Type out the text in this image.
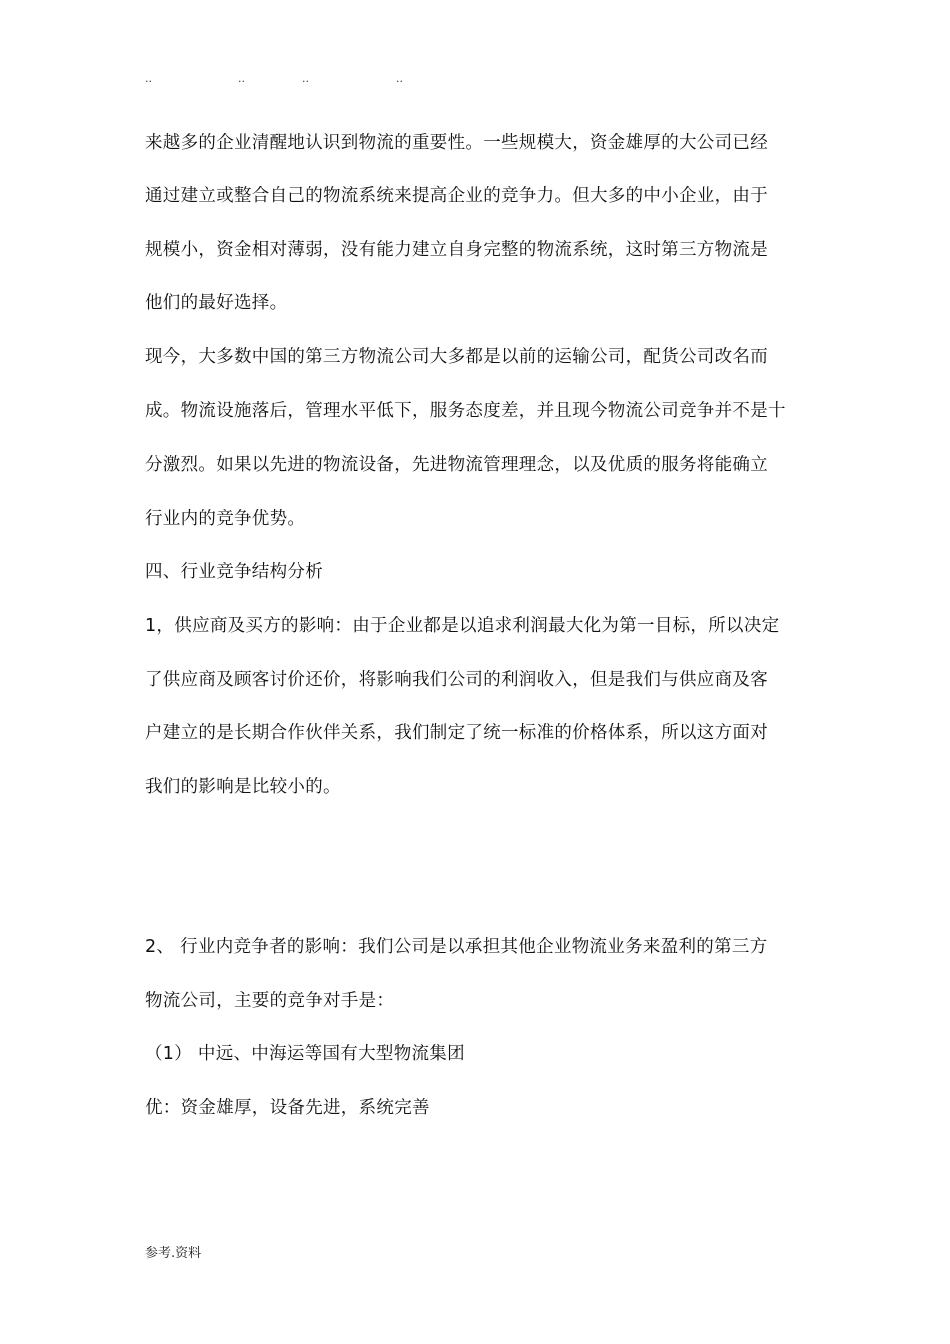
..	..	..	..
来越多的企业清醒地认识到物流的重要性。一些规模大，资金雄厚的大公司已经
通过建立或整合自己的物流系统来提高企业的竞争力。但大多的中小企业，由于
规模小，资金相对薄弱，没有能力建立自身完整的物流系统，这时第三方物流是
他们的最好选择。
现今，大多数中国的第三方物流公司大多都是以前的运输公司，配货公司改名而
成。物流设施落后，管理水平低下，服务态度差，并且现今物流公司竞争并不是十
分激烈。如果以先进的物流设备，先进物流管理理念，以及优质的服务将能确立
行业内的竞争优势。
四、行业竞争结构分析
1，供应商及买方的影响：由于企业都是以追求利润最大化为第一目标，所以决定
了供应商及顾客讨价还价，将影响我们公司的利润收入，但是我们与供应商及客
户建立的是长期合作伙伴关系，我们制定了统一标准的价格体系，所以这方面对
我们的影响是比较小的。
2、 行业内竞争者的影响：我们公司是以承担其他企业物流业务来盈利的第三方
物流公司，主要的竞争对手是：
（1） 中远、中海运等国有大型物流集团
优：资金雄厚，设备先进，系统完善
参考.资料
